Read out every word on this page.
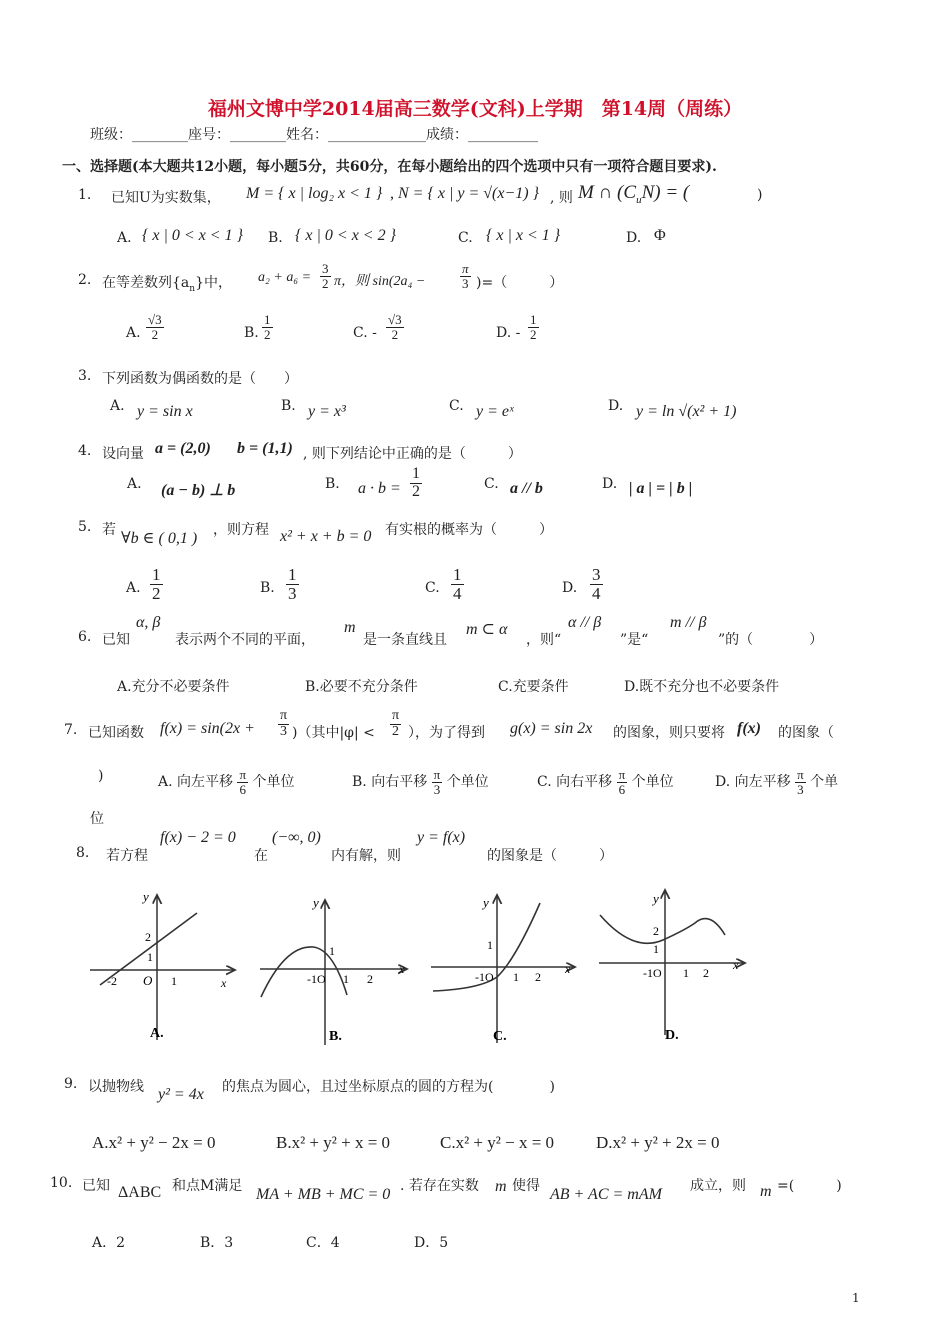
福州文博中学2014届高三数学(文科)上学期　第14周（周练）
班级：________座号：________姓名：______________成绩：__________
一、选择题(本大题共12小题，每小题5分，共60分，在每小题给出的四个选项中只有一项符合题目要求).
1. 已知U为实数集， M = { x | log₂ x < 1 } , N = { x | y = √(x−1) } , 则 M ∩ $(C_uN)$ = (	)
A. { x | 0 < x < 1 } B. { x | 0 < x < 2 }	C. { x | x < 1 }	D. Φ
2. 在等差数列$\{a_n\}$中， $a_2 + a_6 = \frac{3}{2}$ π，则 sin(2a₄ −	$\frac{\pi}{3}$ )=（　　　）
A. $\frac{√3}{2}$	B. $\frac{1}{2}$	C. - $\frac{√3}{2}$	D. - $\frac{1}{2}$
3. 下列函数为偶函数的是（　　）
A. y = sin x	B. y = x³	C. y = eˣ	D. y = ln √(x² + 1)
4. 设向量 a = (2,0) b = (1,1) , 则下列结论中正确的是（　　　）
A. (a − b) ⊥ b	B. $a \cdot b = \frac{1}{2}$	C. a // b	D. | a | = | b |
5. 若 ∀b ∈ ( 0,1 ) ，则方程 x² + x + b = 0 有实根的概率为（　　　）
A. $\frac{1}{2}$	B. $\frac{1}{3}$	C. $\frac{1}{4}$	D. $\frac{3}{4}$
6. 已知
α, β
表示两个不同的平面，
m
是一条直线且
m ⊂ α
，则“
α // β
”是“
m // β
”的（　　　　）
A.充分不必要条件	B.必要不充分条件	C.充要条件	D.既不充分也不必要条件
7. 已知函数 $f(x) = \sin(2x + \frac{\pi}{3}$ )（其中$|\varphi| < \frac{\pi}{2}$ ），为了得到 g(x) = sin 2x 的图象，则只要将 f(x) 的图象（
)	A. 向左平移 $\frac{\pi}{6}$ 个单位	B. 向右平移 $\frac{\pi}{3}$ 个单位	C. 向右平移 $\frac{\pi}{6}$ 个单位	D. 向左平移 $\frac{\pi}{3}$ 个单
位
8. 若方程
f(x) − 2 = 0
在
(−∞, 0)
内有解，则
y = f(x)
的图象是（　　　）
y
x
2
1
-2 O 1
A.
y
x
1
-1O 1 2
B.
y
x
1
-1O 1 2
C.
y
x
2
1
-1O 1 2
D.
9. 以抛物线 y² = 4x 的焦点为圆心，且过坐标原点的圆的方程为(　　　　)
A.x² + y² − 2x = 0	B.x² + y² + x = 0	C.x² + y² − x = 0 D.x² + y² + 2x = 0
10. 已知 ΔABC 和点M满足 MA + MB + MC = 0 . 若存在实数 m 使得 AB + AC = mAM 成立，则 m =(　　　)
A．2	B．3	C．4	D．5
1
